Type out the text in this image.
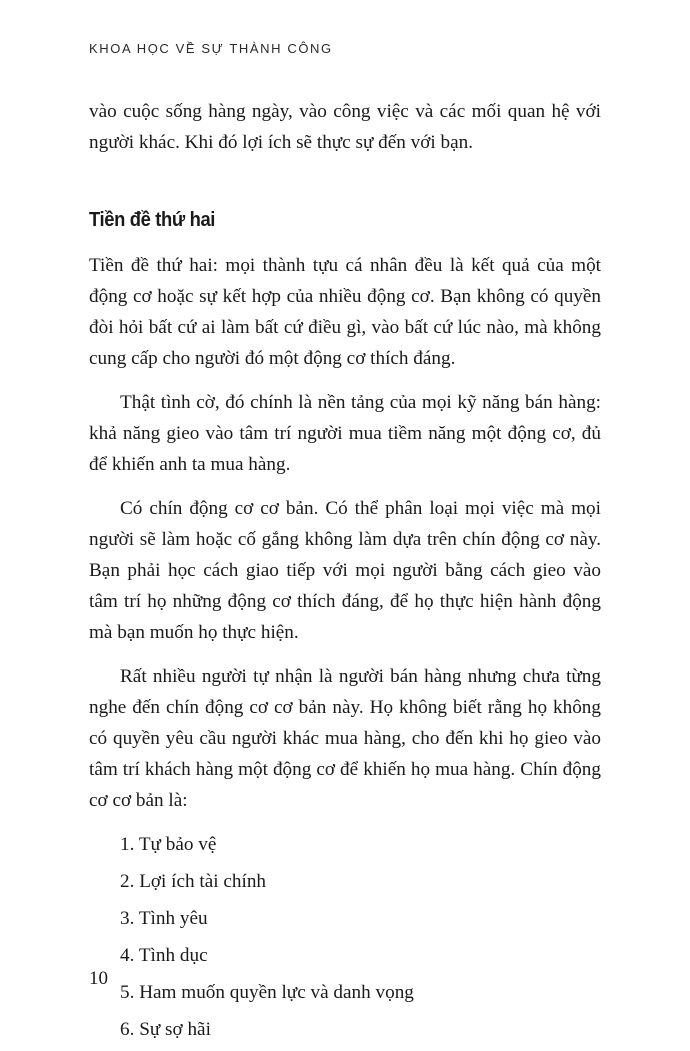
KHOA HỌC VỀ SỰ THÀNH CÔNG

vào cuộc sống hàng ngày, vào công việc và các mối quan hệ với người khác. Khi đó lợi ích sẽ thực sự đến với bạn.

Tiền đề thứ hai

Tiền đề thứ hai: mọi thành tựu cá nhân đều là kết quả của một động cơ hoặc sự kết hợp của nhiều động cơ. Bạn không có quyền đòi hỏi bất cứ ai làm bất cứ điều gì, vào bất cứ lúc nào, mà không cung cấp cho người đó một động cơ thích đáng.

Thật tình cờ, đó chính là nền tảng của mọi kỹ năng bán hàng: khả năng gieo vào tâm trí người mua tiềm năng một động cơ, đủ để khiến anh ta mua hàng.

Có chín động cơ cơ bản. Có thể phân loại mọi việc mà mọi người sẽ làm hoặc cố gắng không làm dựa trên chín động cơ này. Bạn phải học cách giao tiếp với mọi người bằng cách gieo vào tâm trí họ những động cơ thích đáng, để họ thực hiện hành động mà bạn muốn họ thực hiện.

Rất nhiều người tự nhận là người bán hàng nhưng chưa từng nghe đến chín động cơ cơ bản này. Họ không biết rằng họ không có quyền yêu cầu người khác mua hàng, cho đến khi họ gieo vào tâm trí khách hàng một động cơ để khiến họ mua hàng. Chín động cơ cơ bản là:

1. Tự bảo vệ
2. Lợi ích tài chính
3. Tình yêu
4. Tình dục
5. Ham muốn quyền lực và danh vọng
6. Sự sợ hãi
10
